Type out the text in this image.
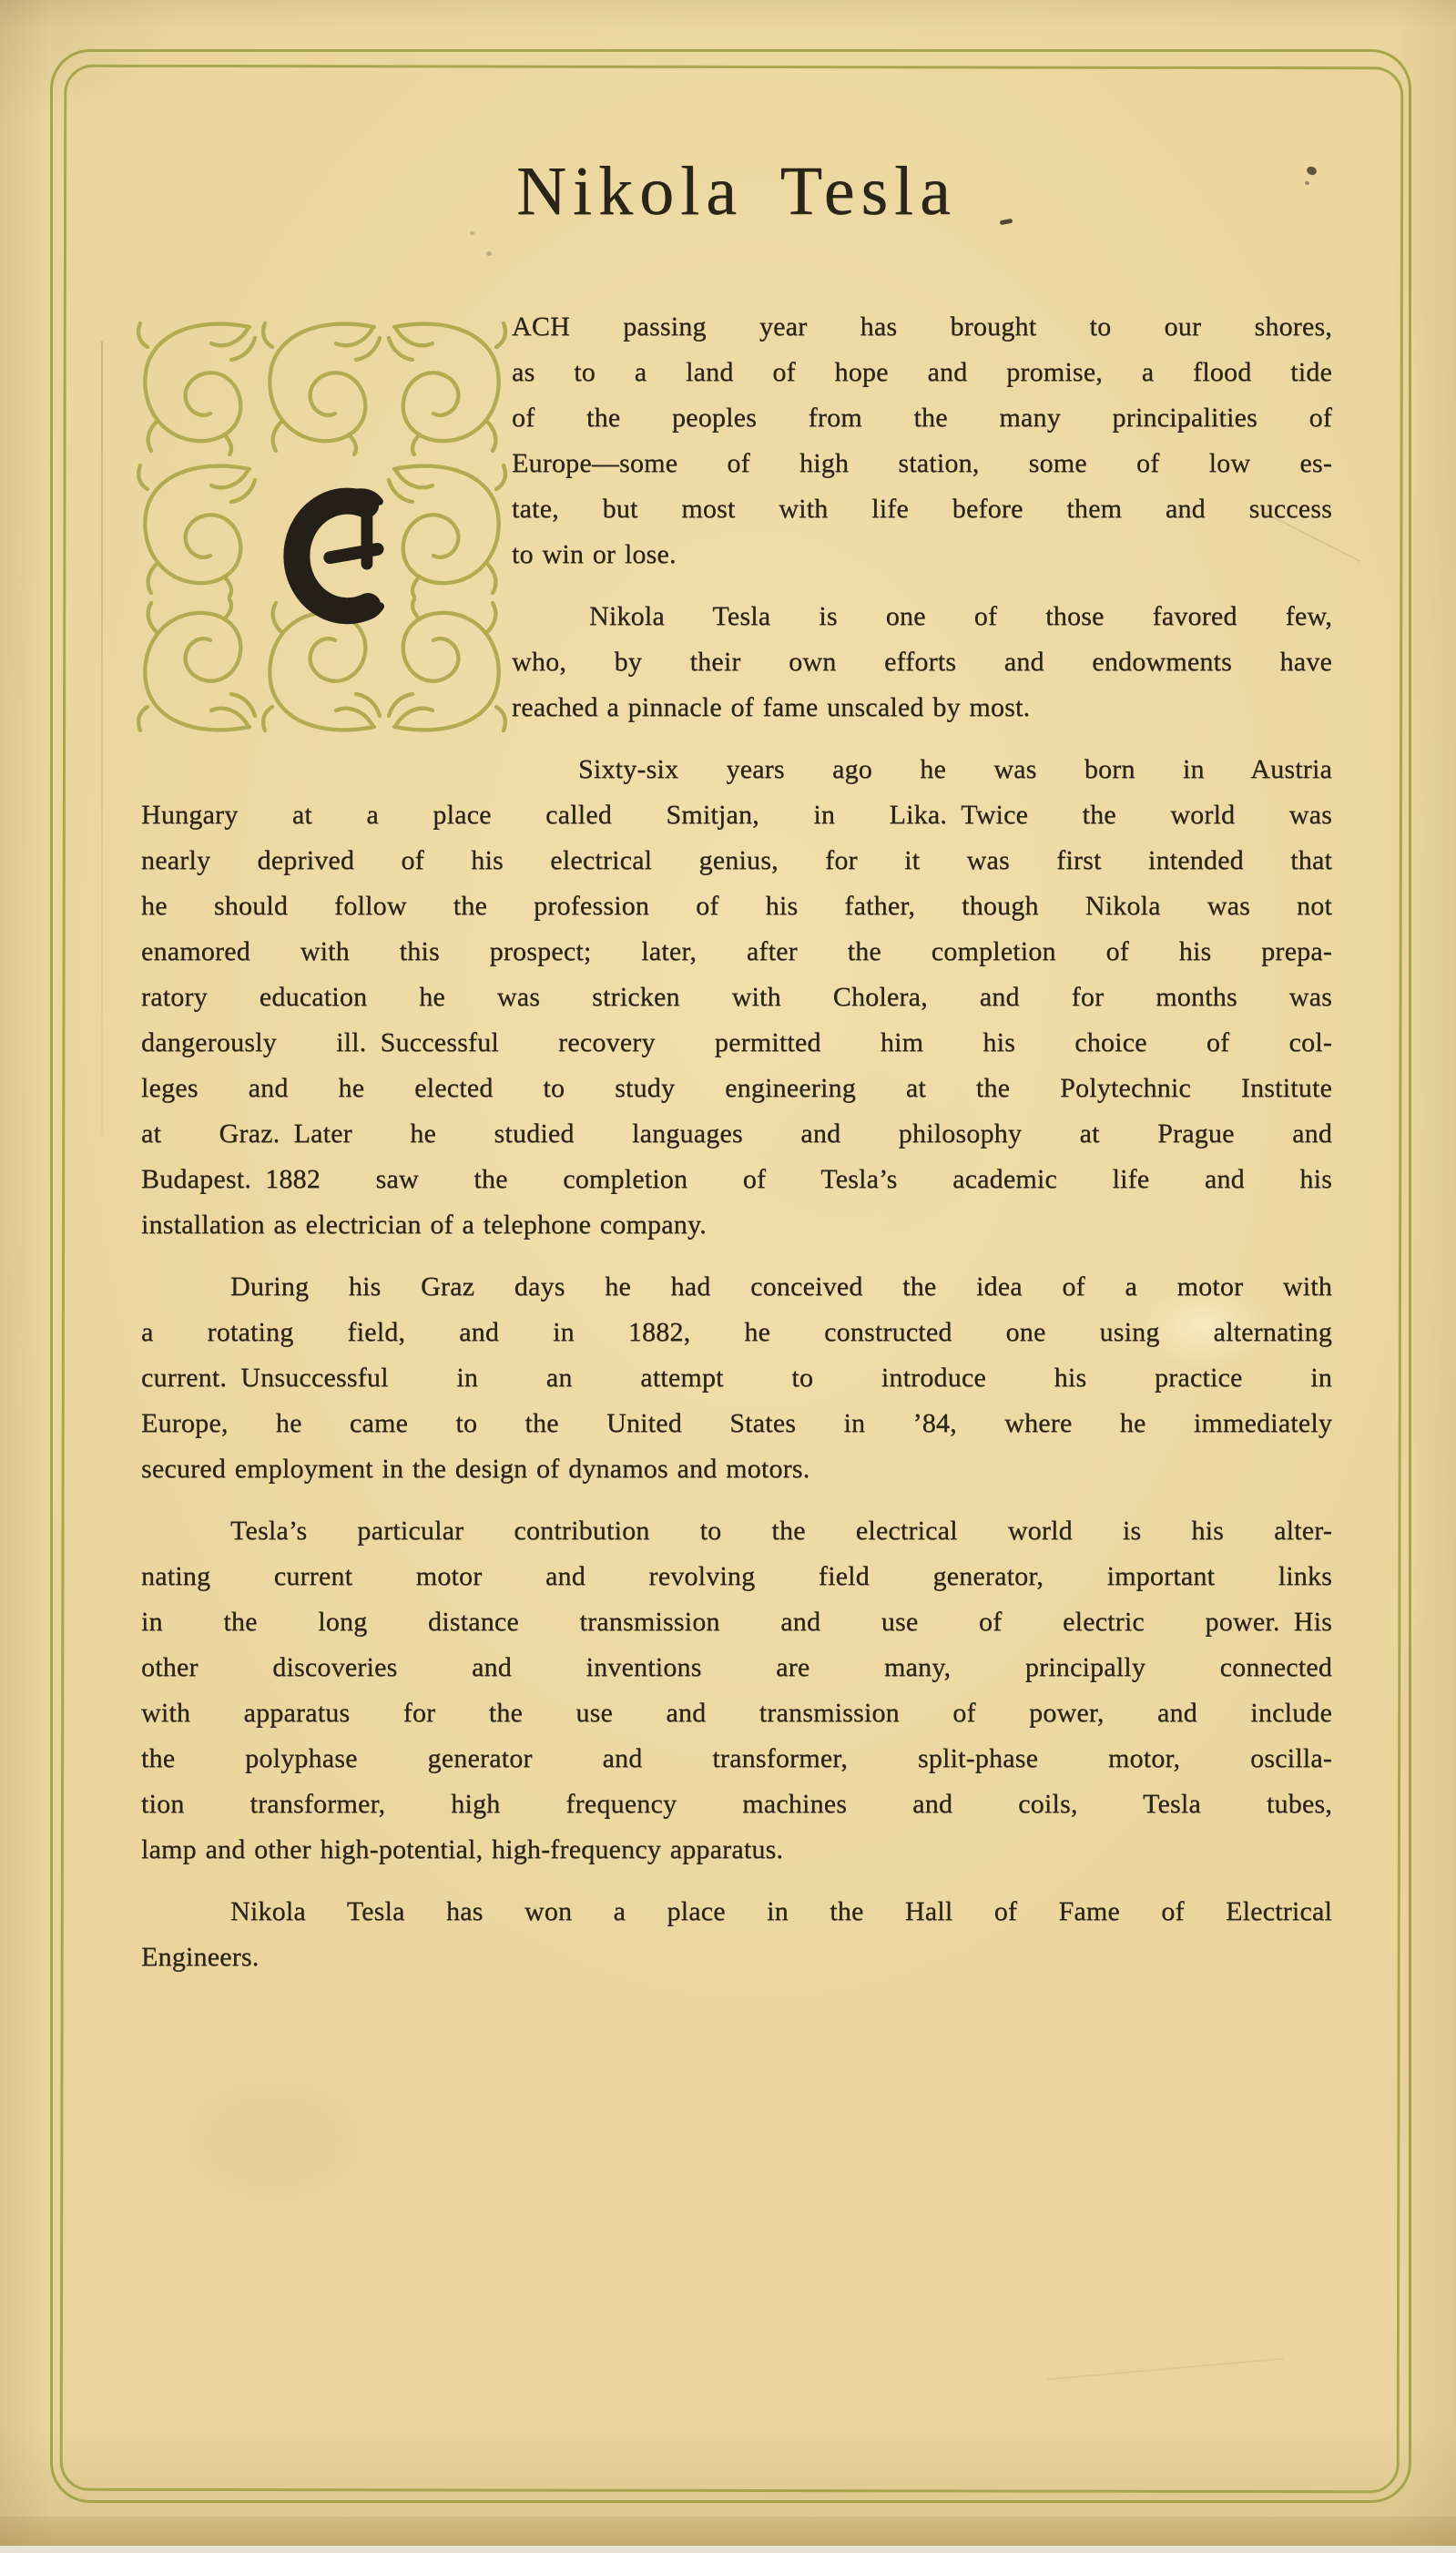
Nikola Tesla
ACH passing year has brought to our shores,
as to a land of hope and promise, a flood tide
of the peoples from the many principalities of
Europe—some of high station, some of low es-
tate, but most with life before them and success
to win or lose.
Nikola Tesla is one of those favored few,
who, by their own efforts and endowments have
reached a pinnacle of fame unscaled by most.
Sixty-six years ago he was born in Austria
Hungary at a place called Smitjan, in Lika. Twice the world was
nearly deprived of his electrical genius, for it was first intended that
he should follow the profession of his father, though Nikola was not
enamored with this prospect; later, after the completion of his prepa-
ratory education he was stricken with Cholera, and for months was
dangerously ill. Successful recovery permitted him his choice of col-
leges and he elected to study engineering at the Polytechnic Institute
at Graz. Later he studied languages and philosophy at Prague and
Budapest. 1882 saw the completion of Tesla’s academic life and his
installation as electrician of a telephone company.
During his Graz days he had conceived the idea of a motor with
a rotating field, and in 1882, he constructed one using alternating
current. Unsuccessful in an attempt to introduce his practice in
Europe, he came to the United States in ’84, where he immediately
secured employment in the design of dynamos and motors.
Tesla’s particular contribution to the electrical world is his alter-
nating current motor and revolving field generator, important links
in the long distance transmission and use of electric power. His
other discoveries and inventions are many, principally connected
with apparatus for the use and transmission of power, and include
the polyphase generator and transformer, split-phase motor, oscilla-
tion transformer, high frequency machines and coils, Tesla tubes,
lamp and other high-potential, high-frequency apparatus.
Nikola Tesla has won a place in the Hall of Fame of Electrical
Engineers.
